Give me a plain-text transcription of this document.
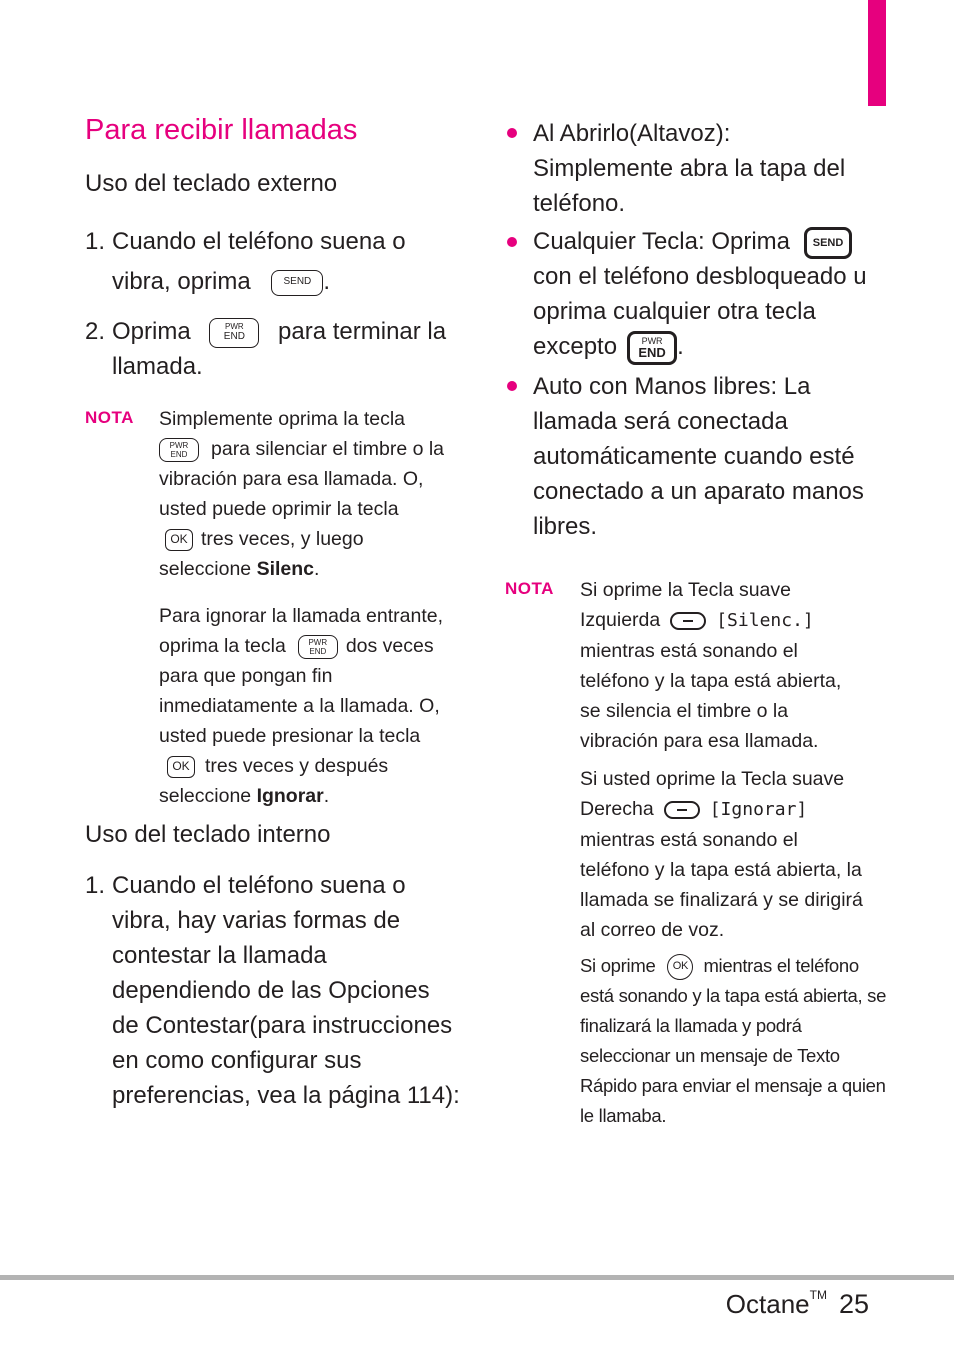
Para recibir llamadas
Uso del teclado externo
1. Cuando el teléfono suena o

vibra, oprima	SEND .

2. Oprima	PWR
END para terminar la

llamada.

NOTA Simplemente oprima la tecla

PWR
END para silenciar el timbre o la

vibración para esa llamada. O,

usted puede oprimir la tecla

OK tres veces, y luego

seleccione Silenc.

Para ignorar la llamada entrante,

oprima la tecla	PWR
END dos veces

para que pongan fin

inmediatamente a la llamada. O,

usted puede presionar la tecla

OK tres veces y después

seleccione Ignorar.

Uso del teclado interno
1. Cuando el teléfono suena o

vibra, hay varias formas de

contestar la llamada

dependiendo de las Opciones

de Contestar(para instrucciones

en como configurar sus

preferencias, vea la página 114):

Al Abrirlo(Altavoz):

Simplemente abra la tapa del

teléfono.

Cualquier Tecla: Oprima SEND

con el teléfono desbloqueado u

oprima cualquier otra tecla

excepto	PWR
END .

Auto con Manos libres: La

llamada será conectada

automáticamente cuando esté

conectado a un aparato manos

libres.

NOTA Si oprime la Tecla suave

Izquierda	[Silenc.]

mientras está sonando el

teléfono y la tapa está abierta,

se silencia el timbre o la

vibración para esa llamada.

Si usted oprime la Tecla suave

Derecha	[Ignorar]

mientras está sonando el

teléfono y la tapa está abierta, la

llamada se finalizará y se dirigirá

al correo de voz.

Si oprime OK mientras el teléfono

está sonando y la tapa está abierta, se

finalizará la llamada y podrá

seleccionar un mensaje de Texto

Rápido para enviar el mensaje a quien

le llamaba.

Octane™ 25
